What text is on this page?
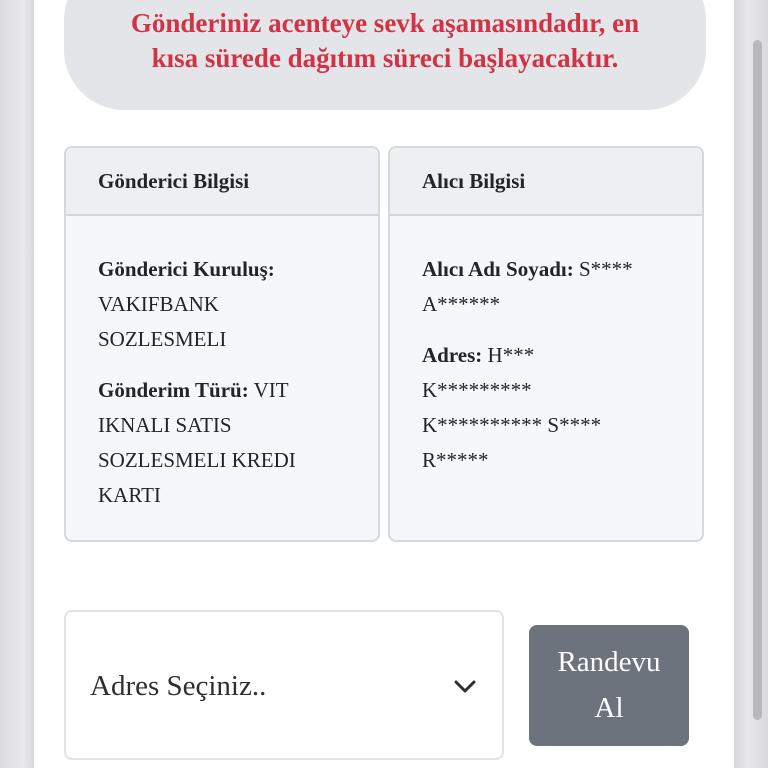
Gönderiniz acenteye sevk aşamasındadır, en
kısa sürede dağıtım süreci başlayacaktır.
Gönderici Bilgisi
Gönderici Kuruluş:
VAKIFBANK
SOZLESMELI
Gönderim Türü: VIT
IKNALI SATIS
SOZLESMELI KREDI
KARTI
Alıcı Bilgisi
Alıcı Adı Soyadı: S****
A******
Adres: H***
K*********
K********** S****
R*****
Adres Seçiniz..
Randevu
Al
